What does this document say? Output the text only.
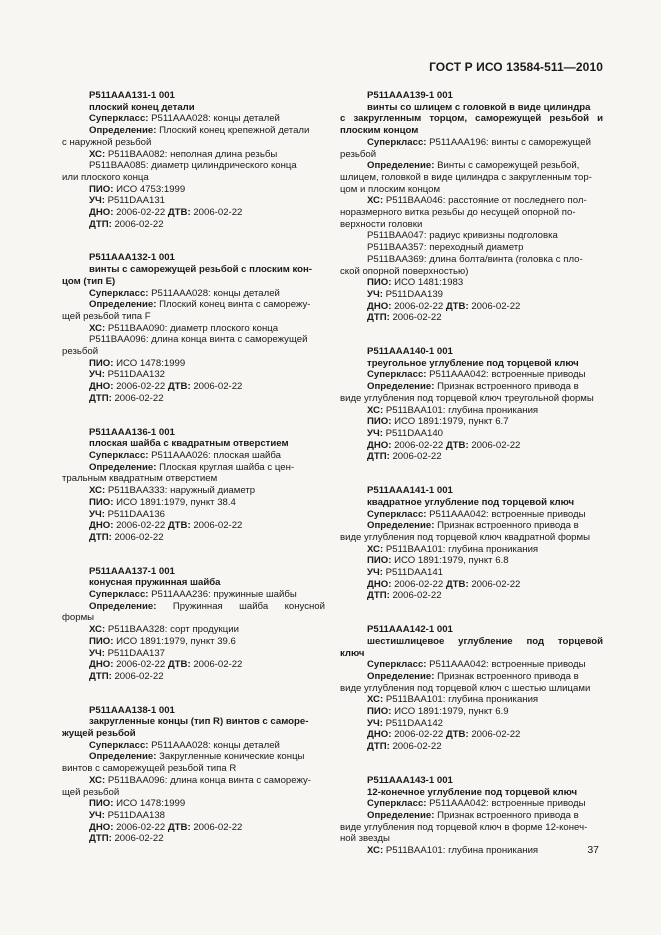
ГОСТ Р ИСО 13584-511—2010
P511AAA131-1 001
плоский конец детали
Суперкласс: P511AAA028: концы деталей
Определение: Плоский конец крепежной детали
с наружной резьбой
ХС: P511BAA082: неполная длина резьбы
P511BAA085: диаметр цилиндрического конца
или плоского конца
ПИО: ИСО 4753:1999
УЧ: P511DAA131
ДНО: 2006-02-22 ДТВ: 2006-02-22
ДТП: 2006-02-22
P511AAA132-1 001
винты с саморежущей резьбой с плоским кон-
цом (тип Е)
Суперкласс: P511AAA028: концы деталей
Определение: Плоский конец винта с саморежу-
щей резьбой типа F
ХС: P511BAA090: диаметр плоского конца
P511BAA096: длина конца винта с саморежущей
резьбой
ПИО: ИСО 1478:1999
УЧ: P511DAA132
ДНО: 2006-02-22 ДТВ: 2006-02-22
ДТП: 2006-02-22
P511AAA136-1 001
плоская шайба с квадратным отверстием
Суперкласс: P511AAA026: плоская шайба
Определение: Плоская круглая шайба с цен-
тральным квадратным отверстием
ХС: P511BAA333: наружный диаметр
ПИО: ИСО 1891:1979, пункт 38.4
УЧ: P511DAA136
ДНО: 2006-02-22 ДТВ: 2006-02-22
ДТП: 2006-02-22
P511AAA137-1 001
конусная пружинная шайба
Суперкласс: P511AAA236: пружинные шайбы
Определение: Пружинная шайба конусной
формы
ХС: P511BAA328: сорт продукции
ПИО: ИСО 1891:1979, пункт 39.6
УЧ: P511DAA137
ДНО: 2006-02-22 ДТВ: 2006-02-22
ДТП: 2006-02-22
P511AAA138-1 001
закругленные концы (тип R) винтов с саморе-
жущей резьбой
Суперкласс: P511AAA028: концы деталей
Определение: Закругленные конические концы
винтов с саморежущей резьбой типа R
ХС: P511BAA096: длина конца винта с саморежу-
щей резьбой
ПИО: ИСО 1478:1999
УЧ: P511DAA138
ДНО: 2006-02-22 ДТВ: 2006-02-22
ДТП: 2006-02-22
P511AAA139-1 001
винты со шлицем с головкой в виде цилиндра
с закругленным торцом, саморежущей резьбой и
плоским концом
Суперкласс: P511AAA196: винты с саморежущей
резьбой
Определение: Винты с саморежущей резьбой,
шлицем, головкой в виде цилиндра с закругленным тор-
цом и плоским концом
ХС: P511BAA046: расстояние от последнего пол-
норазмерного витка резьбы до несущей опорной по-
верхности головки
P511BAA047: радиус кривизны подголовка
P511BAA357: переходный диаметр
P511BAA369: длина болта/винта (головка с пло-
ской опорной поверхностью)
ПИО: ИСО 1481:1983
УЧ: P511DAA139
ДНО: 2006-02-22 ДТВ: 2006-02-22
ДТП: 2006-02-22
P511AAA140-1 001
треугольное углубление под торцевой ключ
Суперкласс: P511AAA042: встроенные приводы
Определение: Признак встроенного привода в
виде углубления под торцевой ключ треугольной формы
ХС: P511BAA101: глубина проникания
ПИО: ИСО 1891:1979, пункт 6.7
УЧ: P511DAA140
ДНО: 2006-02-22 ДТВ: 2006-02-22
ДТП: 2006-02-22
P511AAA141-1 001
квадратное углубление под торцевой ключ
Суперкласс: P511AAA042: встроенные приводы
Определение: Признак встроенного привода в
виде углубления под торцевой ключ квадратной формы
ХС: P511BAA101: глубина проникания
ПИО: ИСО 1891:1979, пункт 6.8
УЧ: P511DAA141
ДНО: 2006-02-22 ДТВ: 2006-02-22
ДТП: 2006-02-22
P511AAA142-1 001
шестишлицевое углубление под торцевой
ключ
Суперкласс: P511AAA042: встроенные приводы
Определение: Признак встроенного привода в
виде углубления под торцевой ключ с шестью шлицами
ХС: P511BAA101: глубина проникания
ПИО: ИСО 1891:1979, пункт 6.9
УЧ: P511DAA142
ДНО: 2006-02-22 ДТВ: 2006-02-22
ДТП: 2006-02-22
P511AAA143-1 001
12-конечное углубление под торцевой ключ
Суперкласс: P511AAA042: встроенные приводы
Определение: Признак встроенного привода в
виде углубления под торцевой ключ в форме 12-конеч-
ной звезды
ХС: P511BAA101: глубина проникания	37
